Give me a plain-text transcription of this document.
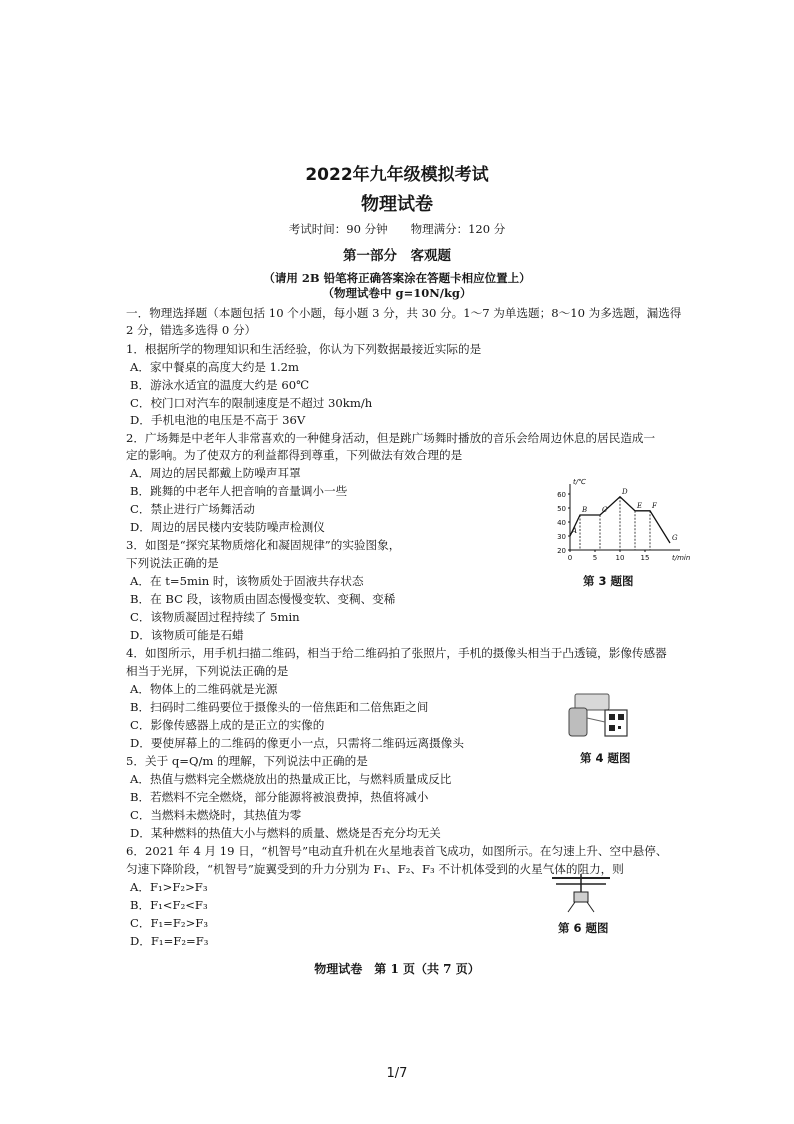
2022年九年级模拟考试
物理试卷
考试时间：90 分钟　　物理满分：120 分
第一部分　客观题
（请用 2B 铅笔将正确答案涂在答题卡相应位置上）
（物理试卷中 g=10N/kg）
一．物理选择题（本题包括 10 个小题，每小题 3 分，共 30 分。1～7 为单选题；8～10 为多选题，漏选得
2 分，错选多选得 0 分）
1．根据所学的物理知识和生活经验，你认为下列数据最接近实际的是
A．家中餐桌的高度大约是 1.2m
B．游泳水适宜的温度大约是 60℃
C．校门口对汽车的限制速度是不超过 30km/h
D．手机电池的电压是不高于 36V
2．广场舞是中老年人非常喜欢的一种健身活动，但是跳广场舞时播放的音乐会给周边休息的居民造成一
定的影响。为了使双方的利益都得到尊重，下列做法有效合理的是
A．周边的居民都戴上防噪声耳罩
B．跳舞的中老年人把音响的音量调小一些
C．禁止进行广场舞活动
D．周边的居民楼内安装防噪声检测仪
3．如图是“探究某物质熔化和凝固规律”的实验图象，
下列说法正确的是
A．在 t=5min 时，该物质处于固液共存状态
B．在 BC 段，该物质由固态慢慢变软、变稠、变稀
C．该物质凝固过程持续了 5min
D．该物质可能是石蜡
4．如图所示，用手机扫描二维码，相当于给二维码拍了张照片，手机的摄像头相当于凸透镜，影像传感器
相当于光屏，下列说法正确的是
A．物体上的二维码就是光源
B．扫码时二维码要位于摄像头的一倍焦距和二倍焦距之间
C．影像传感器上成的是正立的实像的
D．要使屏幕上的二维码的像更小一点，只需将二维码远离摄像头
5．关于 q=Q/m 的理解，下列说法中正确的是
A．热值与燃料完全燃烧放出的热量成正比，与燃料质量成反比
B．若燃料不完全燃烧，部分能源将被浪费掉，热值将减小
C．当燃料未燃烧时，其热值为零
D．某种燃料的热值大小与燃料的质量、燃烧是否充分均无关
6．2021 年 4 月 19 日，“机智号”电动直升机在火星地表首飞成功，如图所示。在匀速上升、空中悬停、
匀速下降阶段，“机智号”旋翼受到的升力分别为 F₁、F₂、F₃ 不计机体受到的火星气体的阻力，则
A．F₁>F₂>F₃
B．F₁<F₂<F₃
C．F₁=F₂>F₃
D．F₁=F₂=F₃
20
30
40
50
60
0	5	10 15
t/℃
t/min
A
B C
D
E F
G
第 3 题图
第 4 题图
第 6 题图
物理试卷　第 1 页（共 7 页）
1/7
